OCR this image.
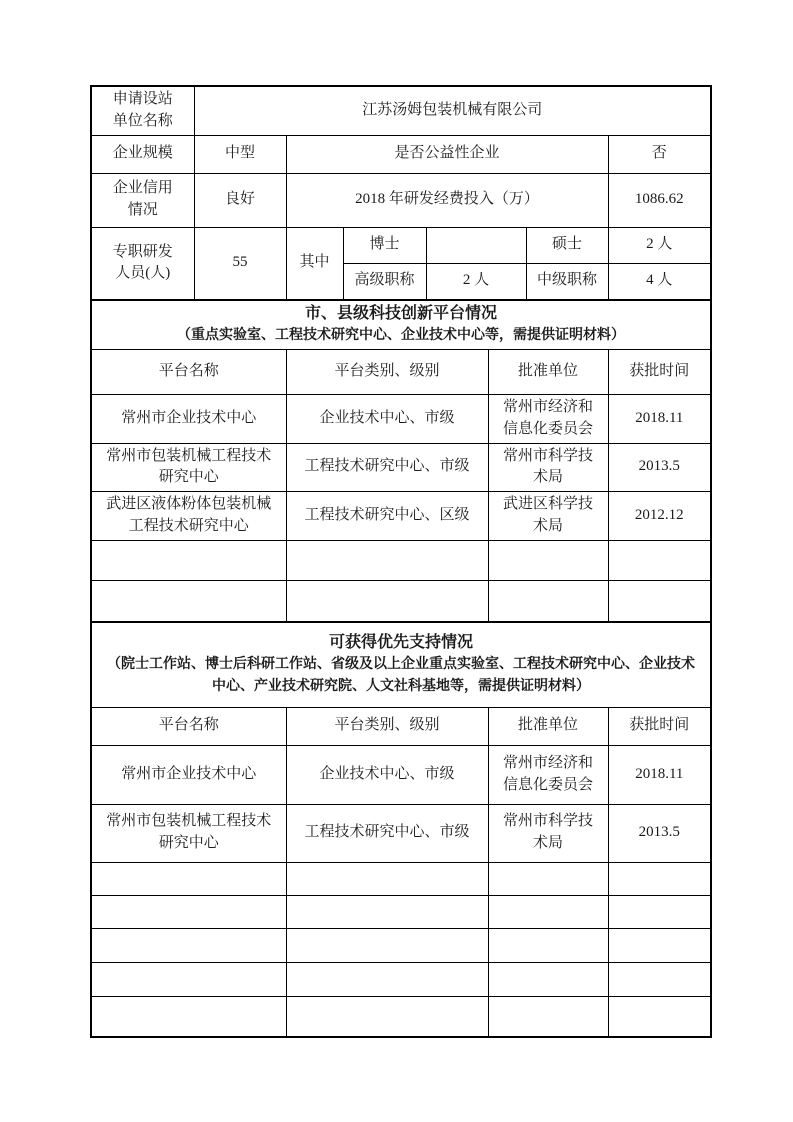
申请设站单位名称	江苏汤姆包装机械有限公司						
企业规模	中型	是否公益性企业					否

企业信用情况	良好	2018 年研发经费投入（万）					1086.62

专职研发人员(人)	55	其中	博士			硕士	2 人
			高级职称	2 人		中级职称	4 人

市、县级科技创新平台情况
（重点实验室、工程技术研究中心、企业技术中心等，需提供证明材料）							

平台名称		平台类别、级别			批准单位		获批时间

常州市企业技术中心		企业技术中心、市级			常州市经济和信息化委员会		2018.11

常州市包装机械工程技术研究中心		工程技术研究中心、市级			常州市科学技术局		2013.5

武进区液体粉体包装机械工程技术研究中心		工程技术研究中心、区级			武进区科学技术局		2012.12

可获得优先支持情况
（院士工作站、博士后科研工作站、省级及以上企业重点实验室、工程技术研究中心、企业技术中心、产业技术研究院、人文社科基地等，需提供证明材料）							

平台名称		平台类别、级别			批准单位		获批时间

常州市企业技术中心		企业技术中心、市级			常州市经济和信息化委员会		2018.11

常州市包装机械工程技术研究中心		工程技术研究中心、市级			常州市科学技术局		2013.5
